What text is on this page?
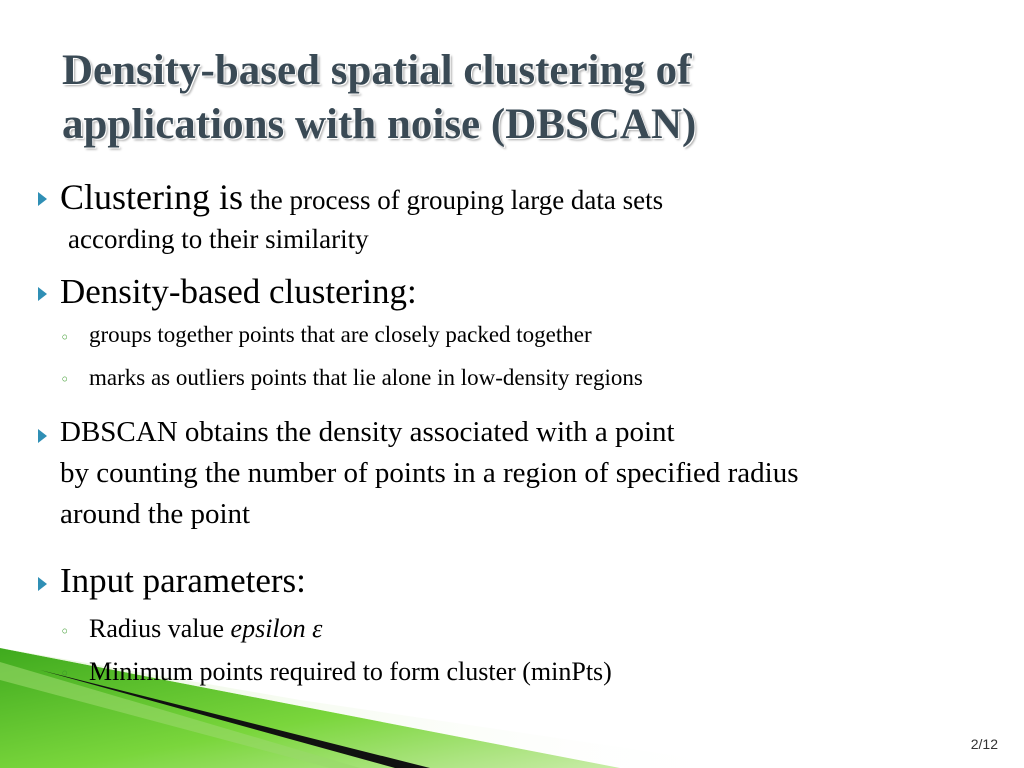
Density-based spatial clustering of
applications with noise (DBSCAN)
Clustering is the process of grouping large data sets
according to their similarity
Density-based clustering:
◦ groups together points that are closely packed together
◦ marks as outliers points that lie alone in low-density regions
DBSCAN obtains the density associated with a point
by counting the number of points in a region of specified radius
around the point
Input parameters:
◦ Radius value epsilon ε
◦ Minimum points required to form cluster (minPts)
2/12
